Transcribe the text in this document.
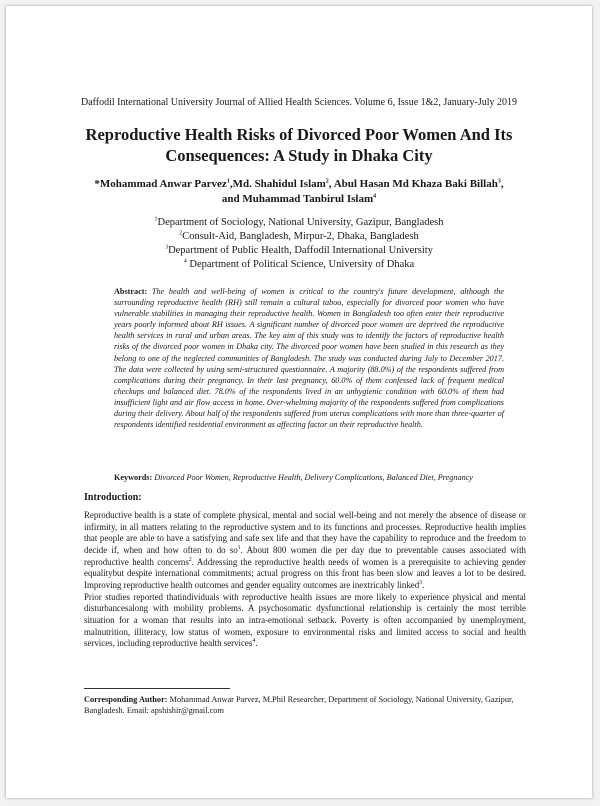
Daffodil International University Journal of Allied Health Sciences. Volume 6, Issue 1&2, January-July 2019
Reproductive Health Risks of Divorced Poor Women And Its
Consequences: A Study in Dhaka City
*Mohammad Anwar Parvez$^1$,Md. Shahidul Islam$^2$, Abul Hasan Md Khaza Baki Billah$^3$,
and Muhammad Tanbirul Islam$^4$
$^1$Department of Sociology, National University, Gazipur, Bangladesh
$^2$Consult-Aid, Bangladesh, Mirpur-2, Dhaka, Bangladesh
$^3$Department of Public Health, Daffodil International University
$^4$ Department of Political Science, University of Dhaka
Abstract: The health and well-being of women is critical to the country's future development, although the surrounding reproductive health (RH) still remain a cultural taboo, especially for divorced poor women who have vulnerable stabilities in managing their reproductive health. Women in Bangladesh too often enter their reproductive years poorly informed about RH issues. A significant number of divorced poor women are deprived the reproductive health services in rural and urban areas. The key aim of this study was to identify the factors of reproductive health risks of the divorced poor women in Dhaka city. The divorced poor women have been studied in this research as they belong to one of the neglected communities of Bangladesh. The study was conducted during July to December 2017. The data were collected by using semi-structured questionnaire. A majority (88.0%) of the respondents suffered from complications during their pregnancy. In their last pregnancy, 60.0% of them confessed lack of frequent medical checkups and balanced diet. 78.0% of the respondents lived in an unhygienic condition with 60.0% of them had insufficient light and air flow access in home. Over-whelming majority of the respondents suffered from complications during their delivery. About half of the respondents suffered from uterus complications with more than three-quarter of respondents identified residential environment as affecting factor on their reproductive health.
Keywords: Divorced Poor Women, Reproductive Health, Delivery Complications, Balanced Diet, Pregnancy
Introduction:

Reproductive health is a state of complete physical, mental and social well-being and not merely the absence of disease or infirmity, in all matters relating to the reproductive system and to its functions and processes. Reproductive health implies that people are able to have a satisfying and safe sex life and that they have the capability to reproduce and the freedom to decide if, when and how often to do $so^1$. About 800 women die per day due to preventable causes associated with reproductive health concerns$^2$. Addressing the reproductive health needs of women is a prerequisite to achieving gender equalitybut despite international commitments; actual progress on this front has been slow and leaves a lot to be desired. Improving reproductive health outcomes and gender equality outcomes are inextricably linked$^3$.

Prior studies reported thatindividuals with reproductive health issues are more likely to experience physical and mental disturbancesalong with mobility problems. A psychosomatic dysfunctional relationship is certainly the most terrible situation for a woman that results into an intra-emotional setback. Poverty is often accompanied by unemployment, malnutrition, illiteracy, low status of women, exposure to environmental risks and limited access to social and health services, including reproductive health services$^4$.

Corresponding Author: Mohammad Anwar Parvez, M.Phil Researcher, Department of Sociology, National University, Gazipur, Bangladesh. Email: apshishir@gmail.com
